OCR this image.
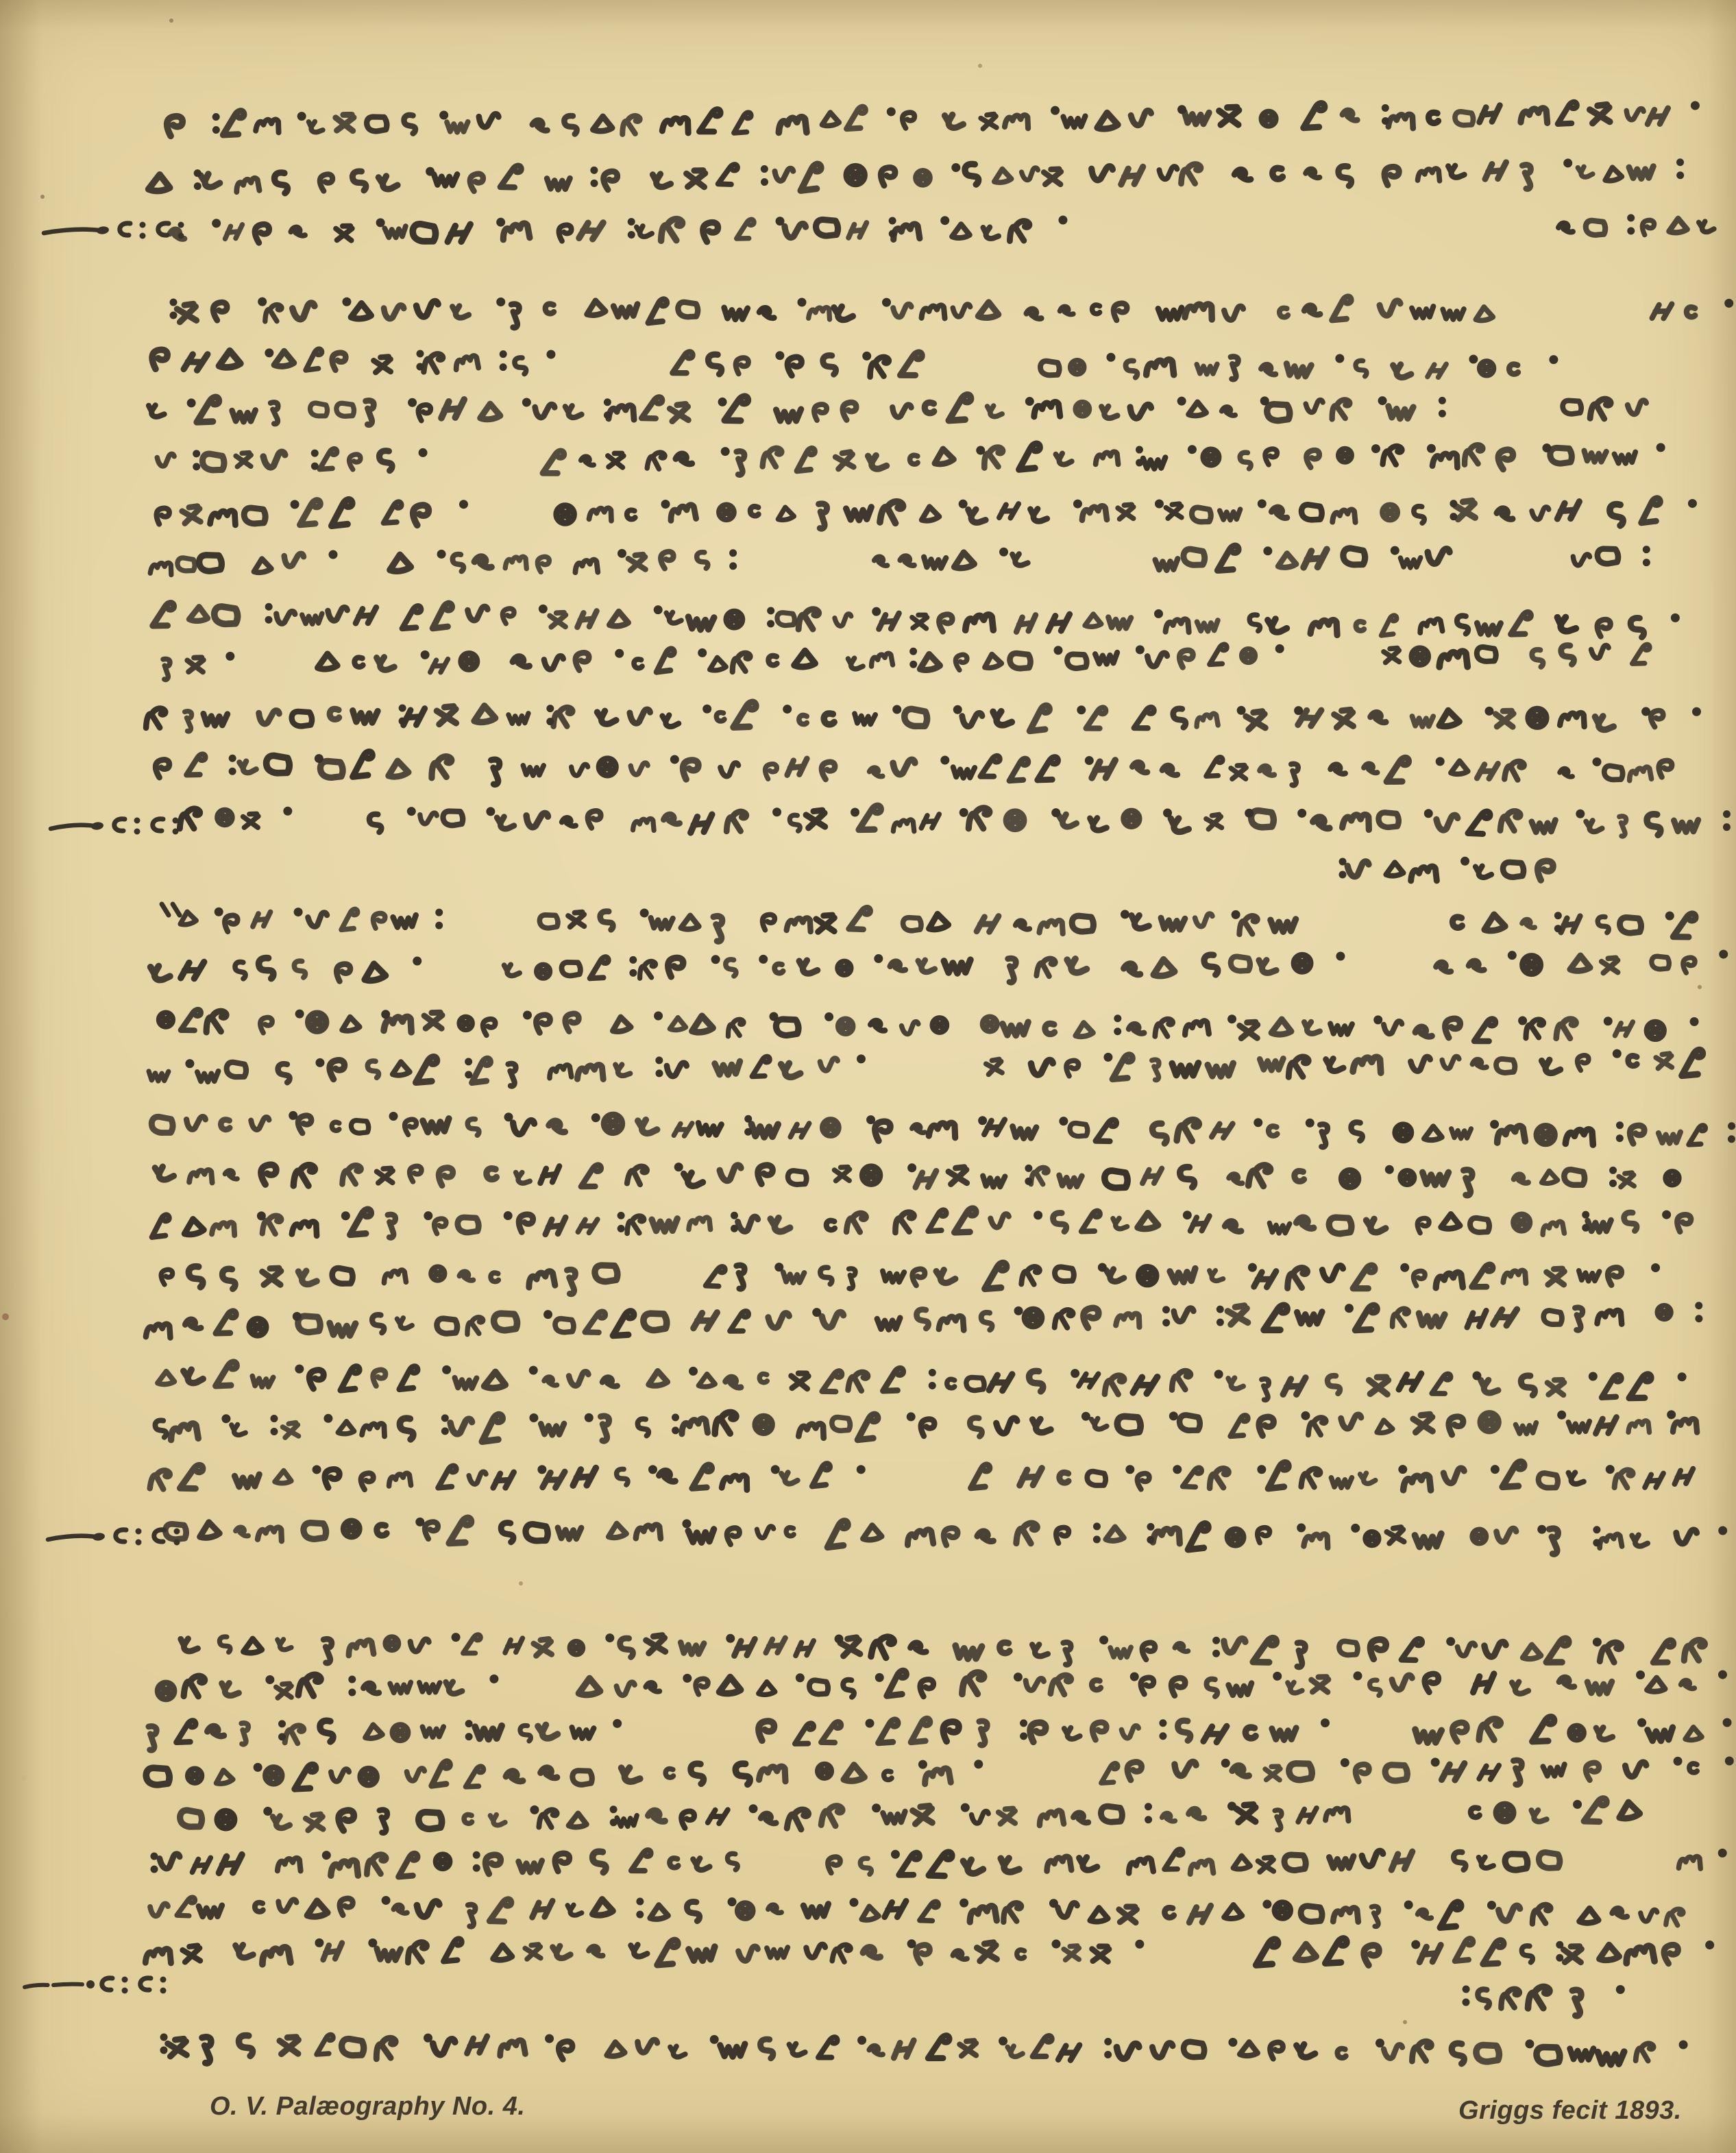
O. V. Palæography No. 4.	Griggs fecit 1893.
